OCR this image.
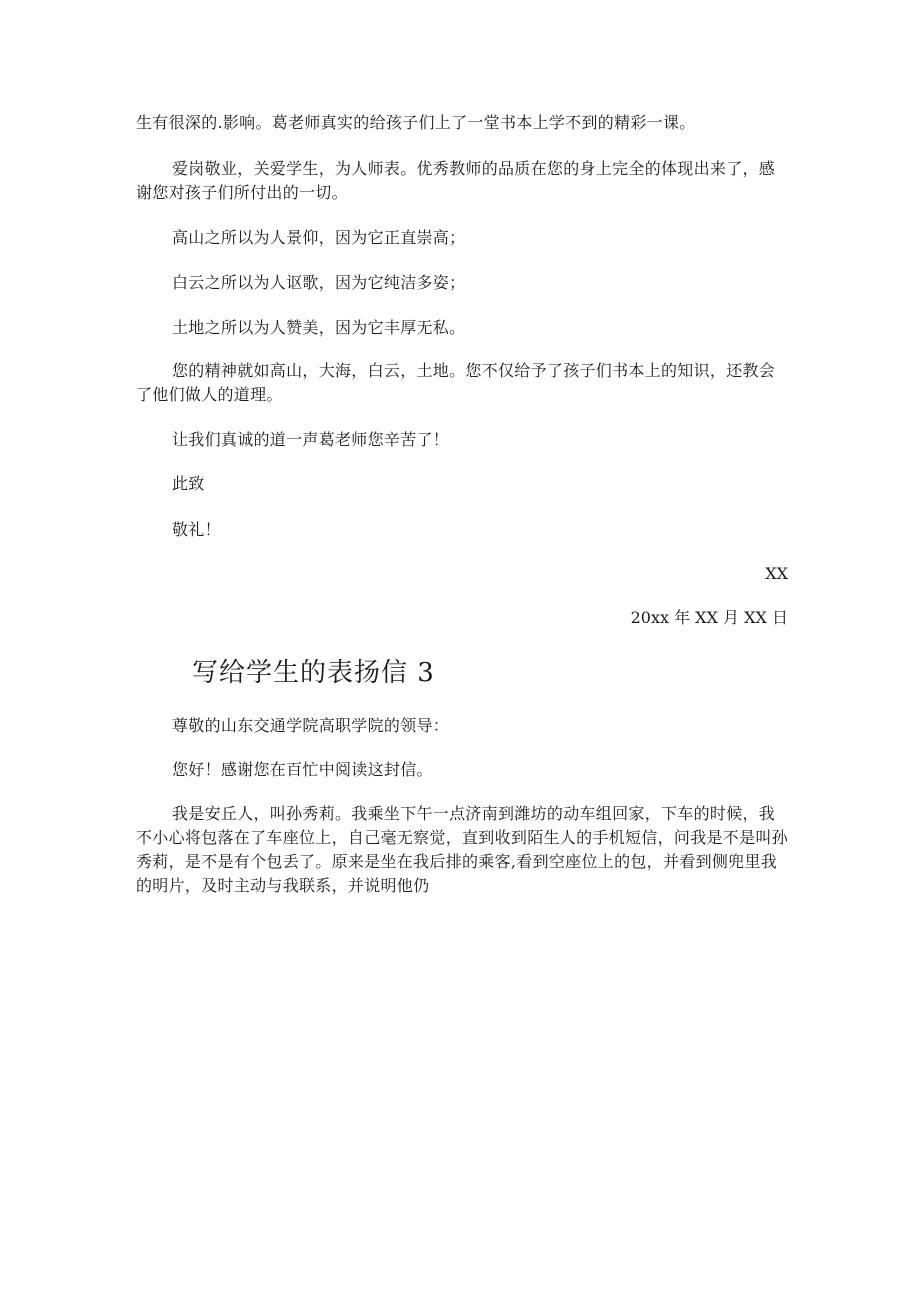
生有很深的.影响。葛老师真实的给孩子们上了一堂书本上学不到的精彩一课。

爱岗敬业，关爱学生，为人师表。优秀教师的品质在您的身上完全的体现出来了，感谢您对孩子们所付出的一切。

高山之所以为人景仰，因为它正直崇高；

白云之所以为人讴歌，因为它纯洁多姿；

土地之所以为人赞美，因为它丰厚无私。

您的精神就如高山，大海，白云，土地。您不仅给予了孩子们书本上的知识，还教会了他们做人的道理。

让我们真诚的道一声葛老师您辛苦了！

此致

敬礼！

XX

20xx 年 XX 月 XX 日

写给学生的表扬信 3

尊敬的山东交通学院高职学院的领导：

您好！感谢您在百忙中阅读这封信。

我是安丘人，叫孙秀莉。我乘坐下午一点济南到潍坊的动车组回家，下车的时候，我不小心将包落在了车座位上，自己毫无察觉，直到收到陌生人的手机短信，问我是不是叫孙秀莉，是不是有个包丢了。原来是坐在我后排的乘客,看到空座位上的包，并看到侧兜里我的明片，及时主动与我联系，并说明他仍
